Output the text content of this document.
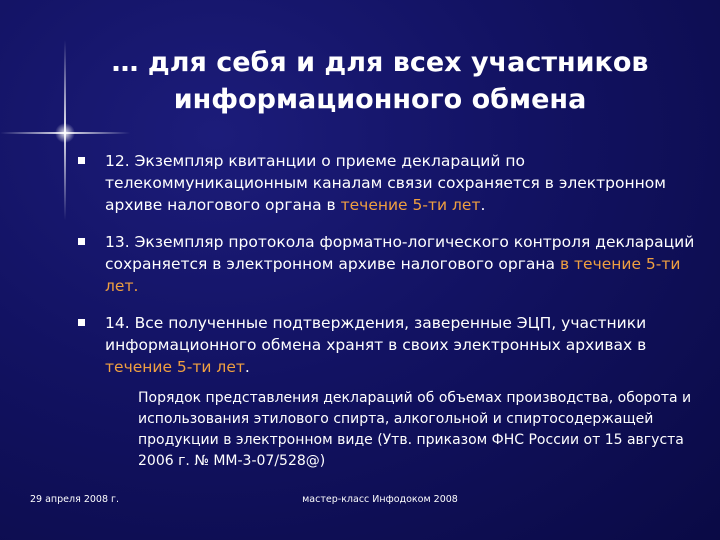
… для себя и для всех участников
информационного обмена
12. Экземпляр квитанции о приеме деклараций по телекоммуникационным каналам связи сохраняется в электронном архиве налогового органа в течение 5-ти лет.
13. Экземпляр протокола форматно-логического контроля деклараций сохраняется в электронном архиве налогового органа в течение 5-ти лет.
14. Все полученные подтверждения, заверенные ЭЦП, участники информационного обмена хранят в своих электронных архивах в течение 5-ти лет.
Порядок представления деклараций об объемах производства, оборота и использования этилового спирта, алкогольной и спиртосодержащей продукции в электронном виде (Утв. приказом ФНС России от 15 августа 2006 г. № ММ-3-07/528@)
29 апреля 2008 г.	мастер-класс Инфодоком 2008
